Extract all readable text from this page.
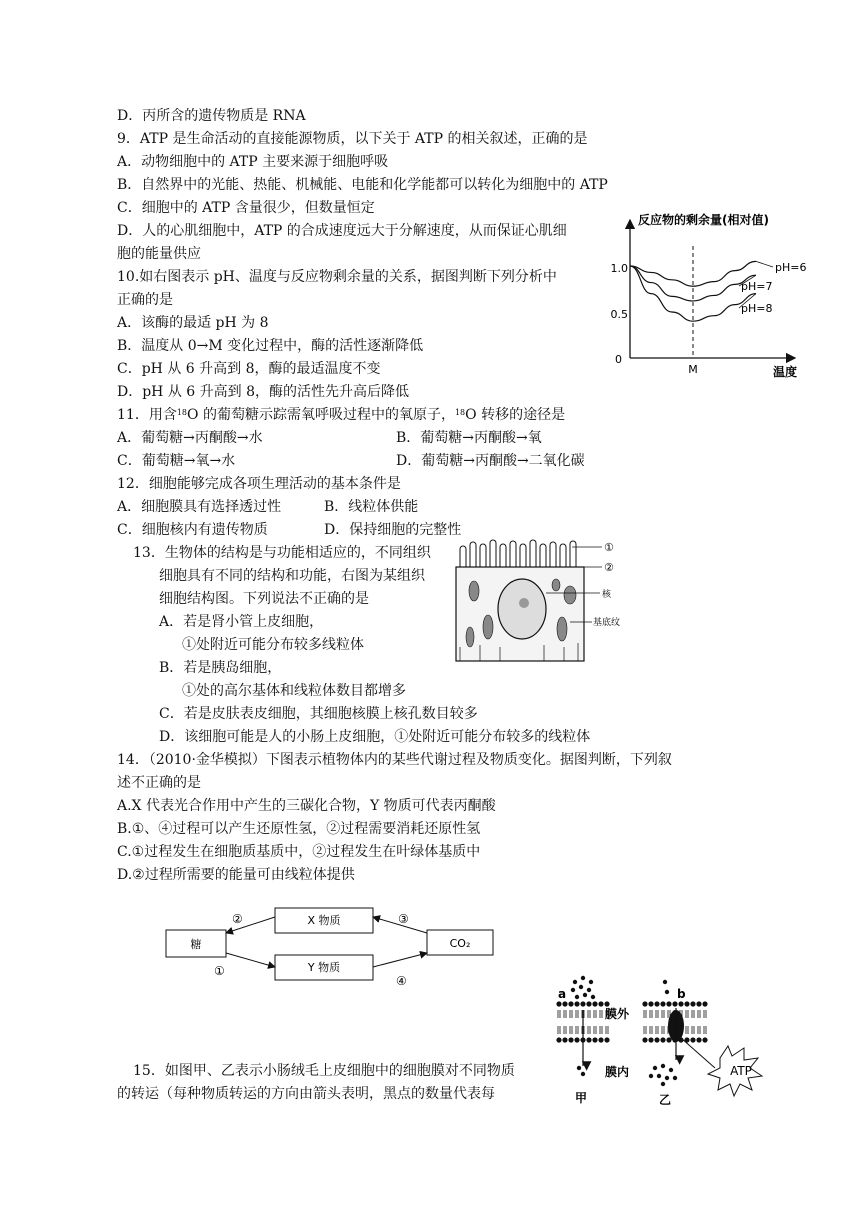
D．丙所含的遗传物质是 RNA
9．ATP 是生命活动的直接能源物质，以下关于 ATP 的相关叙述，正确的是
A．动物细胞中的 ATP 主要来源于细胞呼吸
B．自然界中的光能、热能、机械能、电能和化学能都可以转化为细胞中的 ATP
C．细胞中的 ATP 含量很少，但数量恒定
D．人的心肌细胞中，ATP 的合成速度远大于分解速度，从而保证心肌细
胞的能量供应
10.如右图表示 pH、温度与反应物剩余量的关系，据图判断下列分析中
正确的是
A．该酶的最适 pH 为 8
B．温度从 0→M 变化过程中，酶的活性逐渐降低
C．pH 从 6 升高到 8，酶的最适温度不变
D．pH 从 6 升高到 8，酶的活性先升高后降低
11．用含$^{18}$O 的葡萄糖示踪需氧呼吸过程中的氧原子，$^{18}$O 转移的途径是
A．葡萄糖→丙酮酸→水	B．葡萄糖→丙酮酸→氧
C．葡萄糖→氧→水	D．葡萄糖→丙酮酸→二氧化碳
12．细胞能够完成各项生理活动的基本条件是
A．细胞膜具有选择透过性	B．线粒体供能
C．细胞核内有遗传物质	D．保持细胞的完整性
13．生物体的结构是与功能相适应的，不同组织
细胞具有不同的结构和功能，右图为某组织
细胞结构图。下列说法不正确的是
A．若是肾小管上皮细胞，
①处附近可能分布较多线粒体
B．若是胰岛细胞，
①处的高尔基体和线粒体数目都增多
C．若是皮肤表皮细胞，其细胞核膜上核孔数目较多
D．该细胞可能是人的小肠上皮细胞，①处附近可能分布较多的线粒体
14．（2010·金华模拟）下图表示植物体内的某些代谢过程及物质变化。据图判断，下列叙
述不正确的是
A.X 代表光合作用中产生的三碳化合物，Y 物质可代表丙酮酸
B.①、④过程可以产生还原性氢，②过程需要消耗还原性氢
C.①过程发生在细胞质基质中，②过程发生在叶绿体基质中
D.②过程所需要的能量可由线粒体提供
15．如图甲、乙表示小肠绒毛上皮细胞中的细胞膜对不同物质
的转运（每种物质转运的方向由箭头表明，黑点的数量代表每
反应物的剩余量(相对值)
温度
0
0.5
1.0
M
pH=6
pH=7
pH=8
①
②
核
基底纹
糖
X 物质
Y 物质
CO₂
②
①
③
④
a	b
膜外
膜内	ATP
甲	乙
